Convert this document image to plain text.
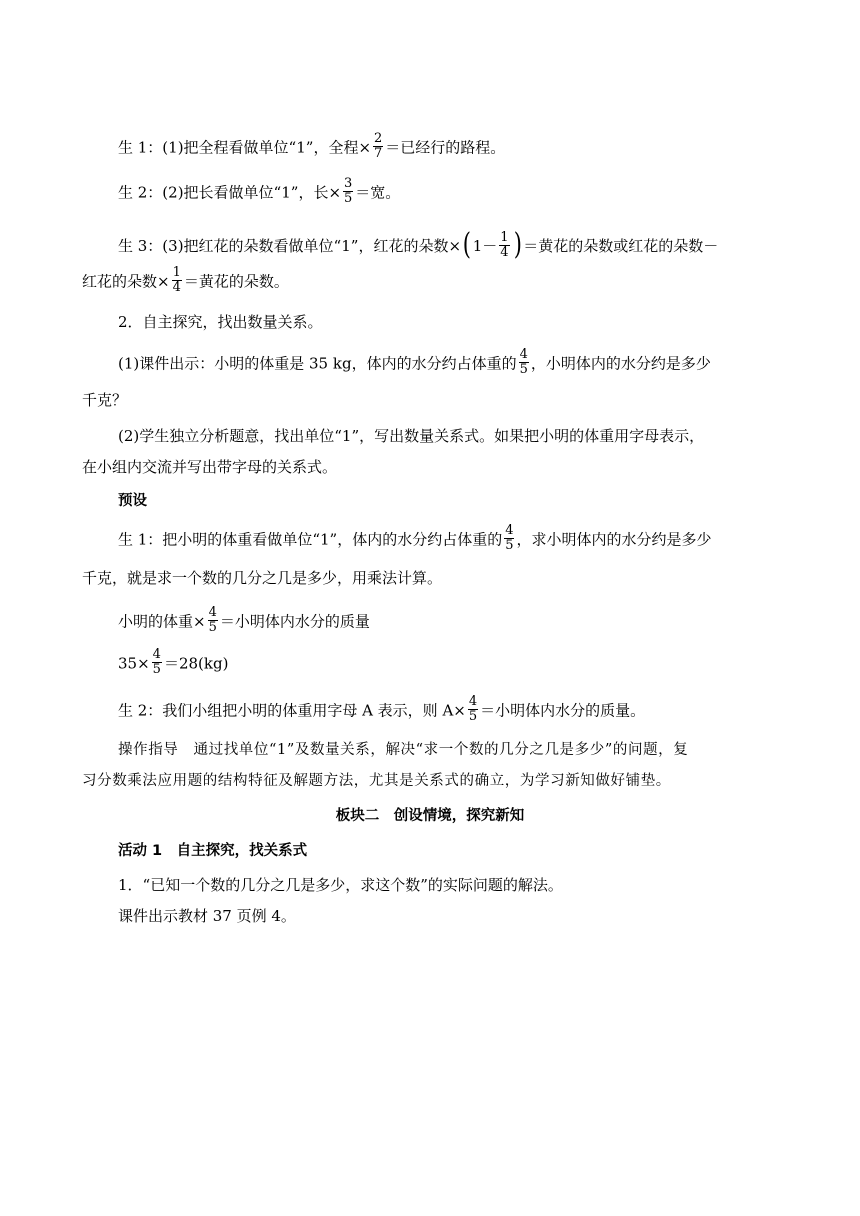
生 1：(1)把全程看做单位“1”，全程× $\frac{2}{7}$ ＝已经行的路程。
生 2：(2)把长看做单位“1”，长× $\frac{3}{5}$ ＝宽。
生 3：(3)把红花的朵数看做单位“1”，红花的朵数×( $1- \frac{1}{4}$ ) ＝黄花的朵数或红花的朵数－
红花的朵数× $\frac{1}{4}$ ＝黄花的朵数。
2．自主探究，找出数量关系。
(1)课件出示：小明的体重是 35 kg，体内的水分约占体重的 $\frac{4}{5}$ ，小明体内的水分约是多少
千克？
(2)学生独立分析题意，找出单位“1”，写出数量关系式。如果把小明的体重用字母表示，
在小组内交流并写出带字母的关系式。
预设
生 1：把小明的体重看做单位“1”，体内的水分约占体重的 $\frac{4}{5}$ ，求小明体内的水分约是多少
千克，就是求一个数的几分之几是多少，用乘法计算。
小明的体重× $\frac{4}{5}$ ＝小明体内水分的质量
$35\times \frac{4}{5} =28(kg)$
生 2：我们小组把小明的体重用字母 A 表示，则 $A\times \frac{4}{5}$ ＝小明体内水分的质量。
操作指导　通过找单位“1”及数量关系，解决“求一个数的几分之几是多少”的问题，复
习分数乘法应用题的结构特征及解题方法，尤其是关系式的确立，为学习新知做好铺垫。
板块二　创设情境，探究新知
活动 1　自主探究，找关系式
1．“已知一个数的几分之几是多少，求这个数”的实际问题的解法。
课件出示教材 37 页例 4。
